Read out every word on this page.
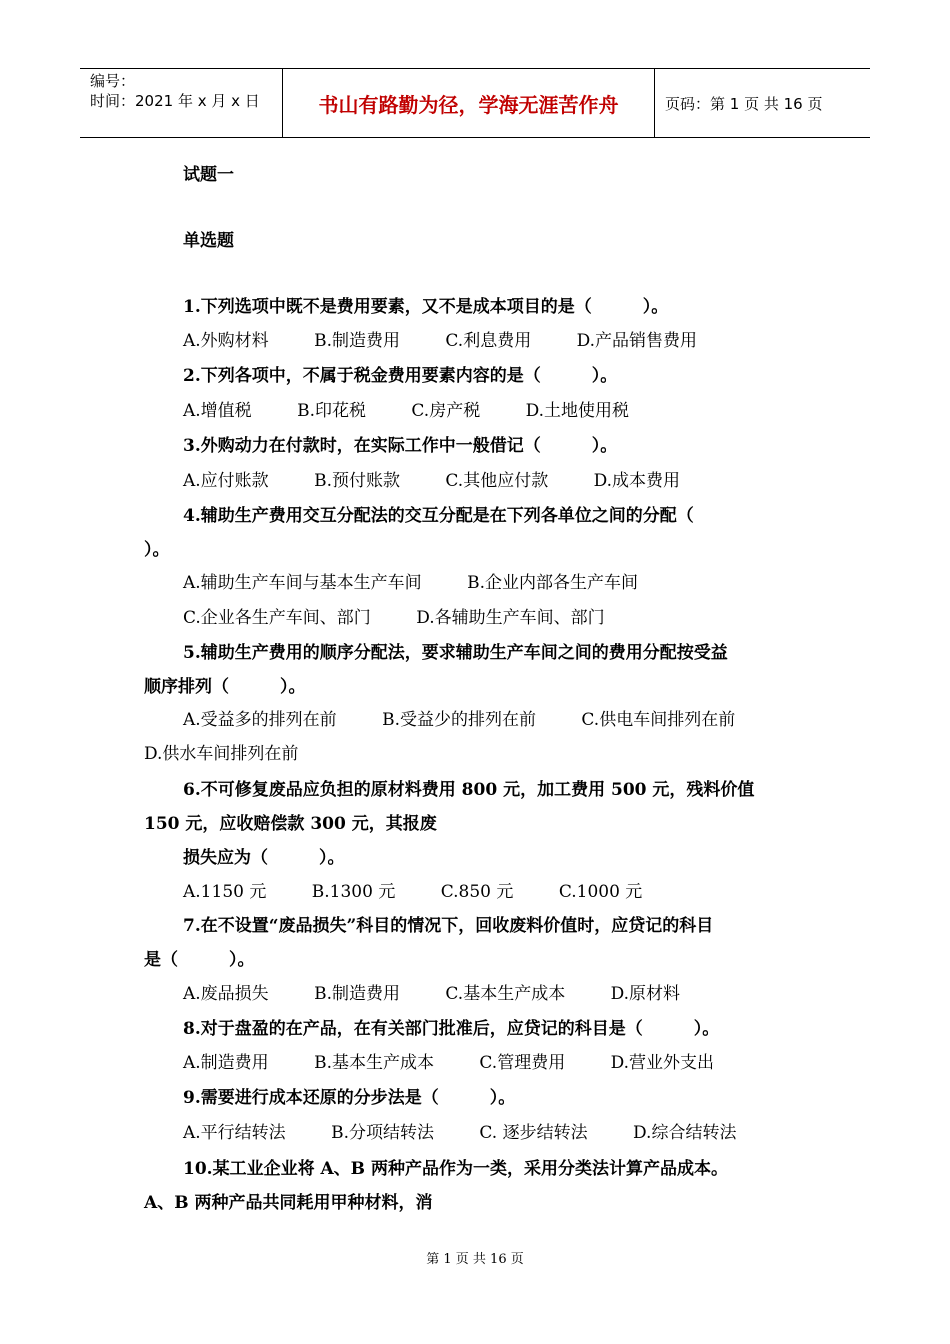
编号：
时间：2021 年 x 月 x 日	书山有路勤为径，学海无涯苦作舟	页码：第 1 页 共 16 页
试题一
单选题
1.下列选项中既不是费用要素，又不是成本项目的是（　　　）。
A.外购材料	B.制造费用	C.利息费用	D.产品销售费用
2.下列各项中，不属于税金费用要素内容的是（　　　）。
A.增值税	B.印花税	C.房产税	D.土地使用税
3.外购动力在付款时，在实际工作中一般借记（　　　）。
A.应付账款	B.预付账款	C.其他应付款	D.成本费用
4.辅助生产费用交互分配法的交互分配是在下列各单位之间的分配（
）。
A.辅助生产车间与基本生产车间	B.企业内部各生产车间
C.企业各生产车间、部门	D.各辅助生产车间、部门
5.辅助生产费用的顺序分配法，要求辅助生产车间之间的费用分配按受益
顺序排列（　　　）。
A.受益多的排列在前	B.受益少的排列在前	C.供电车间排列在前
D.供水车间排列在前
6.不可修复废品应负担的原材料费用 800 元，加工费用 500 元，残料价值
150 元，应收赔偿款 300 元，其报废
损失应为（　　　）。
A.1150 元	B.1300 元	C.850 元	C.1000 元
7.在不设置“废品损失”科目的情况下，回收废料价值时，应贷记的科目
是（　　　）。
A.废品损失	B.制造费用	C.基本生产成本	D.原材料
8.对于盘盈的在产品，在有关部门批准后，应贷记的科目是（　　　）。
A.制造费用	B.基本生产成本	C.管理费用	D.营业外支出
9.需要进行成本还原的分步法是（　　　）。
A.平行结转法	B.分项结转法	C. 逐步结转法	D.综合结转法
10.某工业企业将 A、B 两种产品作为一类，采用分类法计算产品成本。
A、B 两种产品共同耗用甲种材料，消
第 1 页 共 16 页
